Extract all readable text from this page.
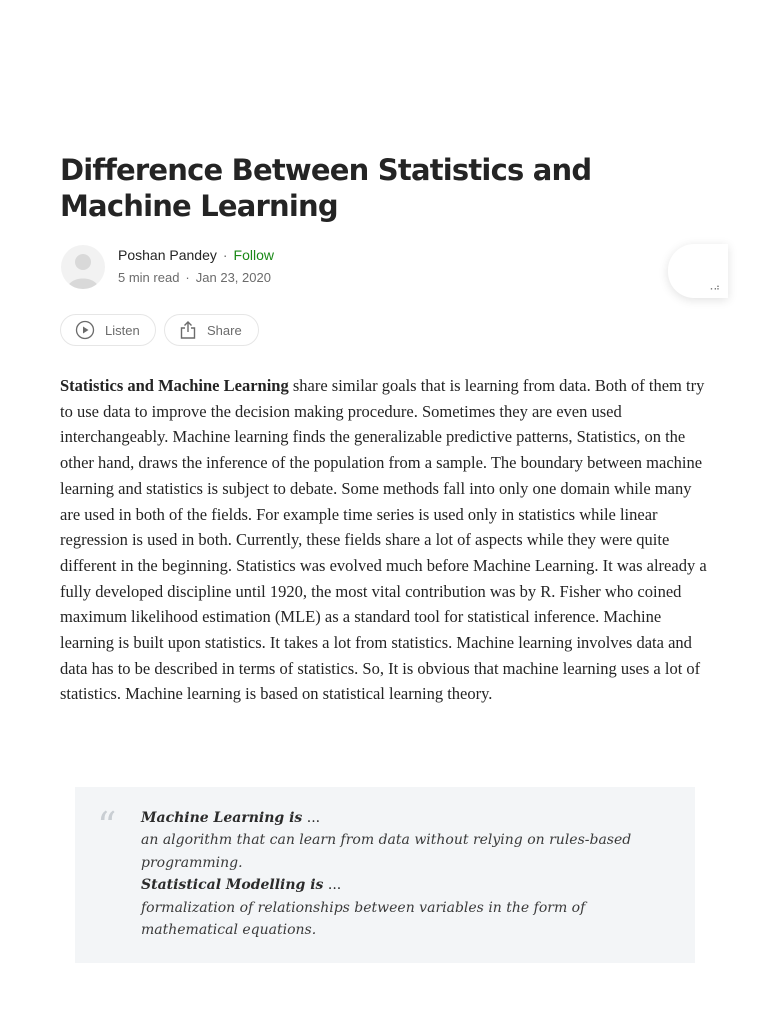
Difference Between Statistics and Machine Learning
Poshan Pandey · Follow
5 min read · Jan 23, 2020
⠠⠴
Listen	Share

Statistics and Machine Learning share similar goals that is learning from data. Both of them try to use data to improve the decision making procedure. Sometimes they are even used interchangeably. Machine learning finds the generalizable predictive patterns, Statistics, on the other hand, draws the inference of the population from a sample. The boundary between machine learning and statistics is subject to debate. Some methods fall into only one domain while many are used in both of the fields. For example time series is used only in statistics while linear regression is used in both. Currently, these fields share a lot of aspects while they were quite different in the beginning. Statistics was evolved much before Machine Learning. It was already a fully developed discipline until 1920, the most vital contribution was by R. Fisher who coined maximum likelihood estimation (MLE) as a standard tool for statistical inference. Machine learning is built upon statistics. It takes a lot from statistics. Machine learning involves data and data has to be described in terms of statistics. So, It is obvious that machine learning uses a lot of statistics. Machine learning is based on statistical learning theory.

“ Machine Learning is ...
an algorithm that can learn from data without relying on rules-based programming.
Statistical Modelling is ...
formalization of relationships between variables in the form of mathematical equations.
